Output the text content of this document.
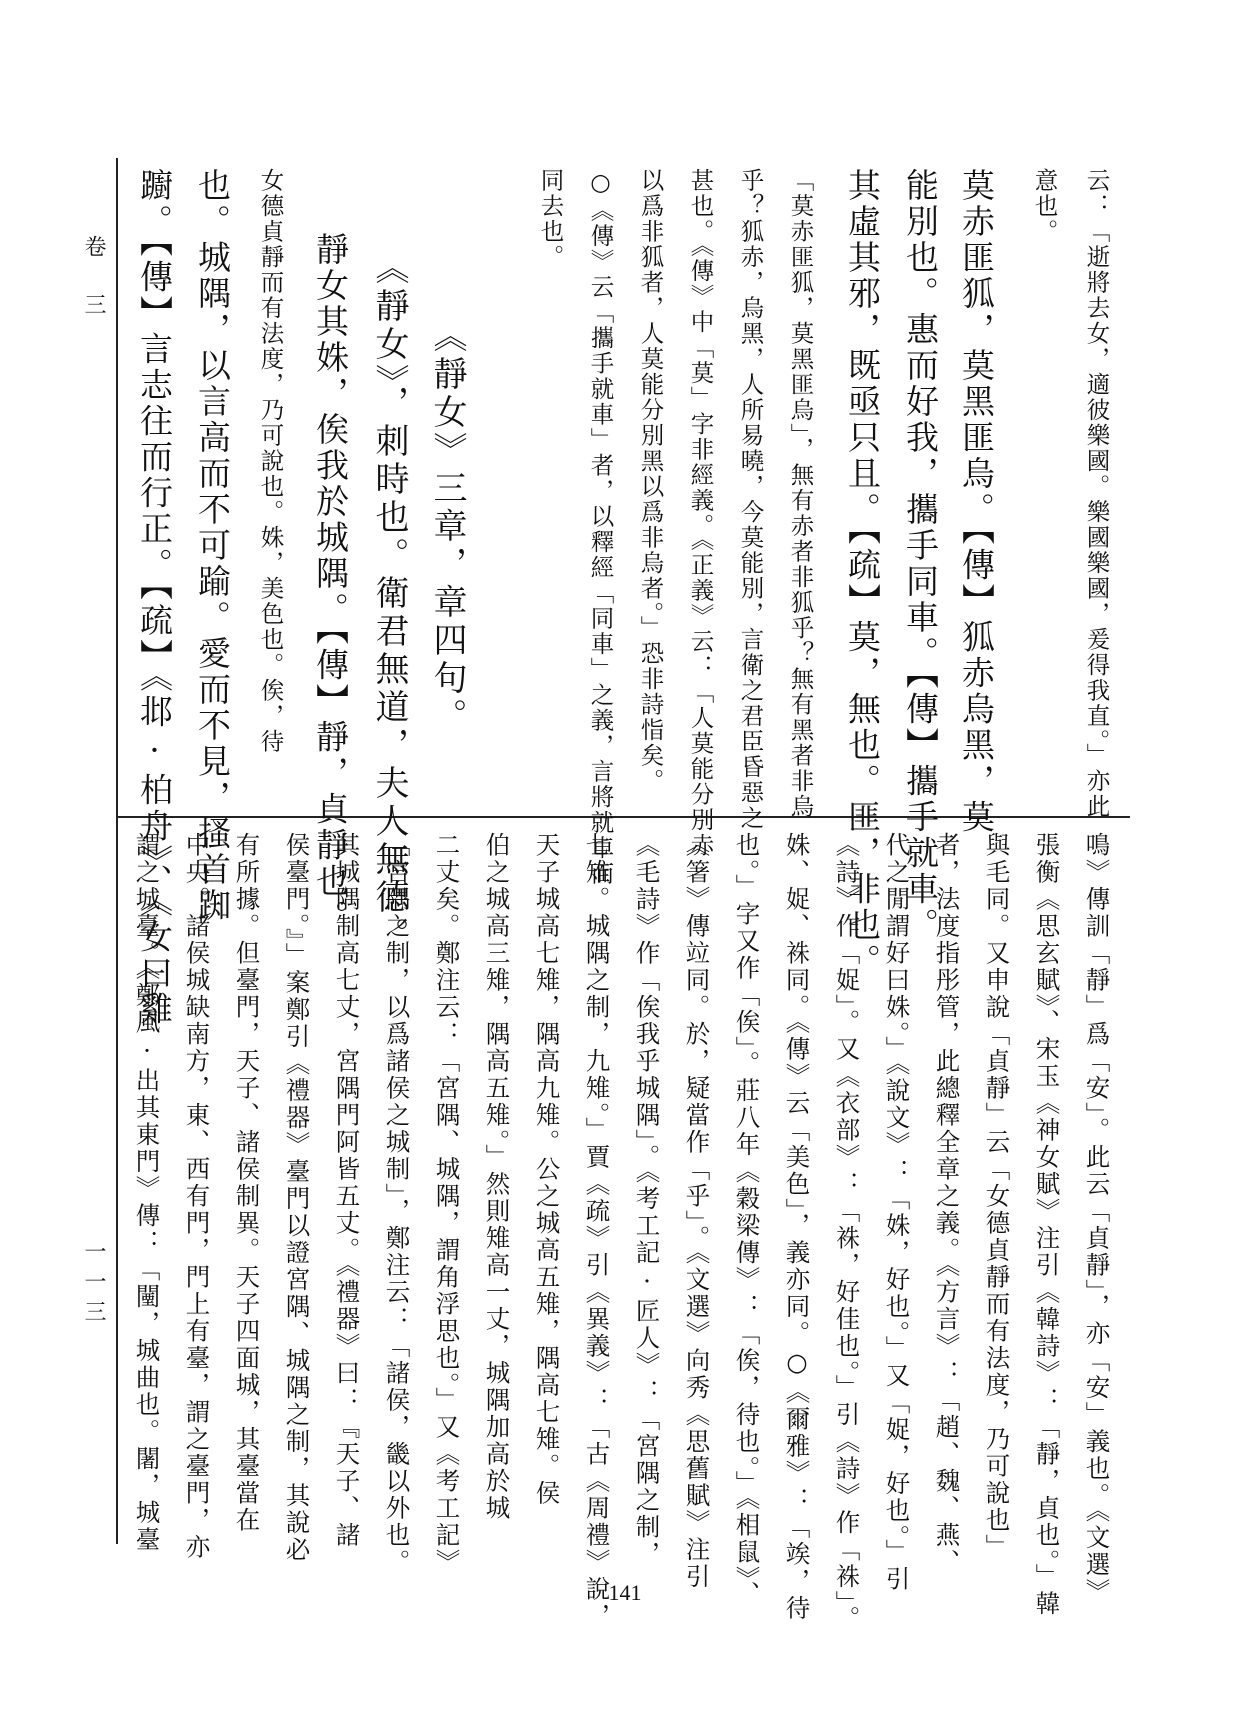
卷三
一一三
云：「逝將去女，適彼樂國。樂國樂國，爰得我直。」亦此
意也。
莫赤匪狐，莫黑匪烏。【傳】狐赤烏黑，莫
能別也。惠而好我，攜手同車。【傳】攜手就車。
其虛其邪，既亟只且。【疏】莫，無也。匪，非也。
「莫赤匪狐，莫黑匪烏」，無有赤者非狐乎？無有黑者非烏
乎？狐赤，烏黑，人所易曉，今莫能別，言衛之君臣昏惡之
甚也。《傳》中「莫」字非經義。《正義》云：「人莫能分別赤
以爲非狐者，人莫能分別黑以爲非烏者。」恐非詩恉矣。
○《傳》云「攜手就車」者，以釋經「同車」之義，言將就車而
同去也。
《靜女》三章，章四句。
《靜女》，刺時也。衛君無道，夫人無德。
靜女其姝，俟我於城隅。【傳】靜，貞靜也。
女德貞靜而有法度，乃可說也。姝，美色也。俟，待
也。城隅，以言高而不可踰。愛而不見，搔首踟
躕。【傳】言志往而行正。【疏】《邶·柏舟》、《女曰雞
鳴》傳訓「靜」爲「安」。此云「貞靜」，亦「安」義也。《文選》
張衡《思玄賦》、宋玉《神女賦》注引《韓詩》：「靜，貞也。」韓
與毛同。又申說「貞靜」云「女德貞靜而有法度，乃可說也」
者，法度指彤管，此總釋全章之義。《方言》：「趙、魏、燕、
代之閒謂好曰姝。」《說文》：「姝，好也。」又「娖，好也。」引
《詩》作「娖」。又《衣部》：「袾，好佳也。」引《詩》作「袾」。
姝、娖、袾同。《傳》云「美色」，義亦同。○《爾雅》：「竢，待
也。」字又作「俟」。莊八年《穀梁傳》：「俟，待也。」《相鼠》、
《箸》傳竝同。於，疑當作「乎」。《文選》向秀《思舊賦》注引
《毛詩》作「俟我乎城隅」。《考工記·匠人》：「宮隅之制，
七雉。城隅之制，九雉。」賈《疏》引《異義》：「古《周禮》說，
天子城高七雉，隅高九雉。公之城高五雉，隅高七雉。侯
伯之城高三雉，隅高五雉。」然則雉高一丈，城隅加高於城
二丈矣。鄭注云：「宮隅、城隅，謂角浮思也。」又《考工記》
「宮隅之制，以爲諸侯之城制」，鄭注云：「諸侯，畿以外也。
其城隅制高七丈，宮隅門阿皆五丈。《禮器》曰：『天子、諸
侯臺門。』」案鄭引《禮器》臺門以證宮隅、城隅之制，其說必
有所據。但臺門，天子、諸侯制異。天子四面城，其臺當在
中央。諸侯城缺南方，東、西有門，門上有臺，謂之臺門，亦
謂之城臺。《鄭風·出其東門》傳：「闉，城曲也。闍，城臺
141
